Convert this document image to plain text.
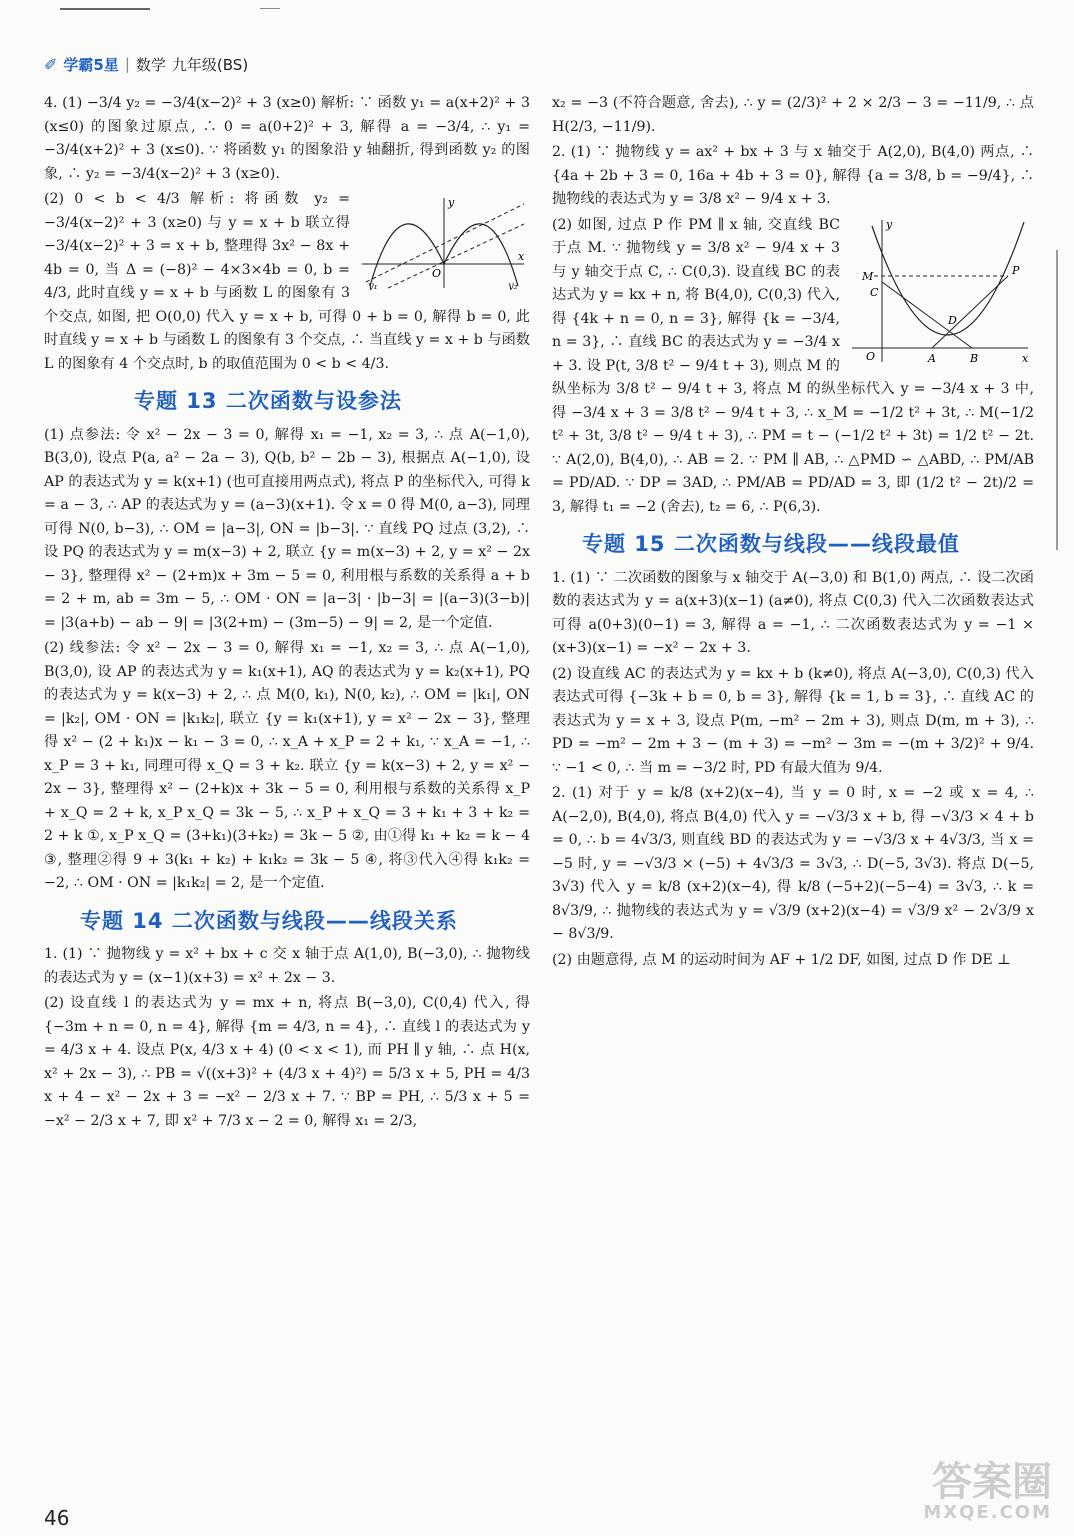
✐ 学霸5星 | 数学 九年级(BS)

4. (1) −3/4 y₂ = −3/4(x−2)² + 3 (x≥0) 解析: ∵ 函数 y₁ = a(x+2)² + 3 (x≤0) 的图象过原点, ∴ 0 = a(0+2)² + 3, 解得 a = −3/4, ∴ y₁ = −3/4(x+2)² + 3 (x≤0). ∵ 将函数 y₁ 的图象沿 y 轴翻折, 得到函数 y₂ 的图象, ∴ y₂ = −3/4(x−2)² + 3 (x≥0).

y
O
x
y₁	y₂

(2) 0 < b < 4/3 解析: 将函数 y₂ = −3/4(x−2)² + 3 (x≥0) 与 y = x + b 联立得 −3/4(x−2)² + 3 = x + b, 整理得 3x² − 8x + 4b = 0, 当 Δ = (−8)² − 4×3×4b = 0, b = 4/3, 此时直线 y = x + b 与函数 L 的图象有 3 个交点, 如图, 把 O(0,0) 代入 y = x + b, 可得 0 + b = 0, 解得 b = 0, 此时直线 y = x + b 与函数 L 的图象有 3 个交点, ∴ 当直线 y = x + b 与函数 L 的图象有 4 个交点时, b 的取值范围为 0 < b < 4/3.

专题 13 二次函数与设参法

(1) 点参法: 令 x² − 2x − 3 = 0, 解得 x₁ = −1, x₂ = 3, ∴ 点 A(−1,0), B(3,0), 设点 P(a, a² − 2a − 3), Q(b, b² − 2b − 3), 根据点 A(−1,0), 设 AP 的表达式为 y = k(x+1) (也可直接用两点式), 将点 P 的坐标代入, 可得 k = a − 3, ∴ AP 的表达式为 y = (a−3)(x+1). 令 x = 0 得 M(0, a−3), 同理可得 N(0, b−3), ∴ OM = |a−3|, ON = |b−3|. ∵ 直线 PQ 过点 (3,2), ∴ 设 PQ 的表达式为 y = m(x−3) + 2, 联立 {y = m(x−3) + 2, y = x² − 2x − 3}, 整理得 x² − (2+m)x + 3m − 5 = 0, 利用根与系数的关系得 a + b = 2 + m, ab = 3m − 5, ∴ OM · ON = |a−3| · |b−3| = |(a−3)(3−b)| = |3(a+b) − ab − 9| = |3(2+m) − (3m−5) − 9| = 2, 是一个定值.

(2) 线参法: 令 x² − 2x − 3 = 0, 解得 x₁ = −1, x₂ = 3, ∴ 点 A(−1,0), B(3,0), 设 AP 的表达式为 y = k₁(x+1), AQ 的表达式为 y = k₂(x+1), PQ 的表达式为 y = k(x−3) + 2, ∴ 点 M(0, k₁), N(0, k₂), ∴ OM = |k₁|, ON = |k₂|, OM · ON = |k₁k₂|, 联立 {y = k₁(x+1), y = x² − 2x − 3}, 整理得 x² − (2 + k₁)x − k₁ − 3 = 0, ∴ x_A + x_P = 2 + k₁, ∵ x_A = −1, ∴ x_P = 3 + k₁, 同理可得 x_Q = 3 + k₂. 联立 {y = k(x−3) + 2, y = x² − 2x − 3}, 整理得 x² − (2+k)x + 3k − 5 = 0, 利用根与系数的关系得 x_P + x_Q = 2 + k, x_P x_Q = 3k − 5, ∴ x_P + x_Q = 3 + k₁ + 3 + k₂ = 2 + k ①, x_P x_Q = (3+k₁)(3+k₂) = 3k − 5 ②, 由①得 k₁ + k₂ = k − 4 ③, 整理②得 9 + 3(k₁ + k₂) + k₁k₂ = 3k − 5 ④, 将③代入④得 k₁k₂ = −2, ∴ OM · ON = |k₁k₂| = 2, 是一个定值.

专题 14 二次函数与线段——线段关系

1. (1) ∵ 抛物线 y = x² + bx + c 交 x 轴于点 A(1,0), B(−3,0), ∴ 抛物线的表达式为 y = (x−1)(x+3) = x² + 2x − 3.

(2) 设直线 l 的表达式为 y = mx + n, 将点 B(−3,0), C(0,4) 代入, 得 {−3m + n = 0, n = 4}, 解得 {m = 4/3, n = 4}, ∴ 直线 l 的表达式为 y = 4/3 x + 4. 设点 P(x, 4/3 x + 4) (0 < x < 1), 而 PH ∥ y 轴, ∴ 点 H(x, x² + 2x − 3), ∴ PB = √((x+3)² + (4/3 x + 4)²) = 5/3 x + 5, PH = 4/3 x + 4 − x² − 2x + 3 = −x² − 2/3 x + 7. ∵ BP = PH, ∴ 5/3 x + 5 = −x² − 2/3 x + 7, 即 x² + 7/3 x − 2 = 0, 解得 x₁ = 2/3,

x₂ = −3 (不符合题意, 舍去), ∴ y = (2/3)² + 2 × 2/3 − 3 = −11/9, ∴ 点 H(2/3, −11/9).

2. (1) ∵ 抛物线 y = ax² + bx + 3 与 x 轴交于 A(2,0), B(4,0) 两点, ∴ {4a + 2b + 3 = 0, 16a + 4b + 3 = 0}, 解得 {a = 3/8, b = −9/4}, ∴ 抛物线的表达式为 y = 3/8 x² − 9/4 x + 3.

y
M
C
P
D
O	A	B	x

(2) 如图, 过点 P 作 PM ∥ x 轴, 交直线 BC 于点 M. ∵ 抛物线 y = 3/8 x² − 9/4 x + 3 与 y 轴交于点 C, ∴ C(0,3). 设直线 BC 的表达式为 y = kx + n, 将 B(4,0), C(0,3) 代入, 得 {4k + n = 0, n = 3}, 解得 {k = −3/4, n = 3}, ∴ 直线 BC 的表达式为 y = −3/4 x + 3. 设 P(t, 3/8 t² − 9/4 t + 3), 则点 M 的纵坐标为 3/8 t² − 9/4 t + 3, 将点 M 的纵坐标代入 y = −3/4 x + 3 中, 得 −3/4 x + 3 = 3/8 t² − 9/4 t + 3, ∴ x_M = −1/2 t² + 3t, ∴ M(−1/2 t² + 3t, 3/8 t² − 9/4 t + 3), ∴ PM = t − (−1/2 t² + 3t) = 1/2 t² − 2t. ∵ A(2,0), B(4,0), ∴ AB = 2. ∵ PM ∥ AB, ∴ △PMD ∽ △ABD, ∴ PM/AB = PD/AD. ∵ DP = 3AD, ∴ PM/AB = PD/AD = 3, 即 (1/2 t² − 2t)/2 = 3, 解得 t₁ = −2 (舍去), t₂ = 6, ∴ P(6,3).

专题 15 二次函数与线段——线段最值

1. (1) ∵ 二次函数的图象与 x 轴交于 A(−3,0) 和 B(1,0) 两点, ∴ 设二次函数的表达式为 y = a(x+3)(x−1) (a≠0), 将点 C(0,3) 代入二次函数表达式可得 a(0+3)(0−1) = 3, 解得 a = −1, ∴ 二次函数表达式为 y = −1 × (x+3)(x−1) = −x² − 2x + 3.

(2) 设直线 AC 的表达式为 y = kx + b (k≠0), 将点 A(−3,0), C(0,3) 代入表达式可得 {−3k + b = 0, b = 3}, 解得 {k = 1, b = 3}, ∴ 直线 AC 的表达式为 y = x + 3, 设点 P(m, −m² − 2m + 3), 则点 D(m, m + 3), ∴ PD = −m² − 2m + 3 − (m + 3) = −m² − 3m = −(m + 3/2)² + 9/4. ∵ −1 < 0, ∴ 当 m = −3/2 时, PD 有最大值为 9/4.

2. (1) 对于 y = k/8 (x+2)(x−4), 当 y = 0 时, x = −2 或 x = 4, ∴ A(−2,0), B(4,0), 将点 B(4,0) 代入 y = −√3/3 x + b, 得 −√3/3 × 4 + b = 0, ∴ b = 4√3/3, 则直线 BD 的表达式为 y = −√3/3 x + 4√3/3, 当 x = −5 时, y = −√3/3 × (−5) + 4√3/3 = 3√3, ∴ D(−5, 3√3). 将点 D(−5, 3√3) 代入 y = k/8 (x+2)(x−4), 得 k/8 (−5+2)(−5−4) = 3√3, ∴ k = 8√3/9, ∴ 抛物线的表达式为 y = √3/9 (x+2)(x−4) = √3/9 x² − 2√3/9 x − 8√3/9.

(2) 由题意得, 点 M 的运动时间为 AF + 1/2 DF, 如图, 过点 D 作 DE ⊥

答案圈
MXQE.COM
46
